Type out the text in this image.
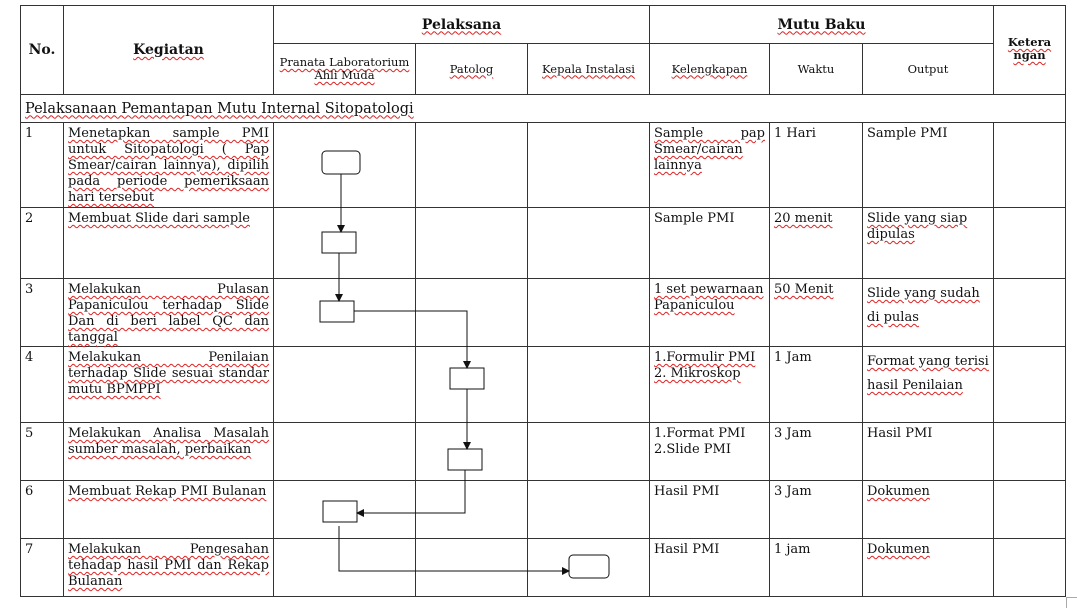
No.	Kegiatan	Pelaksana			Mutu Baku			Ketera ngan
		Pranata Laboratorium Ahli Muda	Patolog	Kepala Instalasi	Kelengkapan	Waktu	Output	
Pelaksanaan Pemantapan Mutu Internal Sitopatologi								
1	Menetapkan sample PMI untuk Sitopatologi ( Pap Smear/cairan lainnya), dipilih pada periode pemeriksaan hari tersebut				Sample pap Smear/cairan lainnya	1 Hari	Sample PMI	
2	Membuat Slide dari sample				Sample PMI	20 menit	Slide yang siap dipulas	
3	Melakukan Pulasan Papaniculou terhadap Slide Dan di beri label QC dan tanggal				1 set pewarnaan Papaniculou	50 Menit	Slide yang sudah di pulas	
4	Melakukan Penilaian terhadap Slide sesuai standar mutu BPMPPI				1.Formulir PMI 2. Mikroskop	1 Jam	Format yang terisi hasil Penilaian	
5	Melakukan Analisa Masalah sumber masalah, perbaikan				1.Format PMI 2.Slide PMI	3 Jam	Hasil PMI	
6	Membuat Rekap PMI Bulanan				Hasil PMI	3 Jam	Dokumen	
7	Melakukan Pengesahan tehadap hasil PMI dan Rekap Bulanan				Hasil PMI	1 jam	Dokumen	
